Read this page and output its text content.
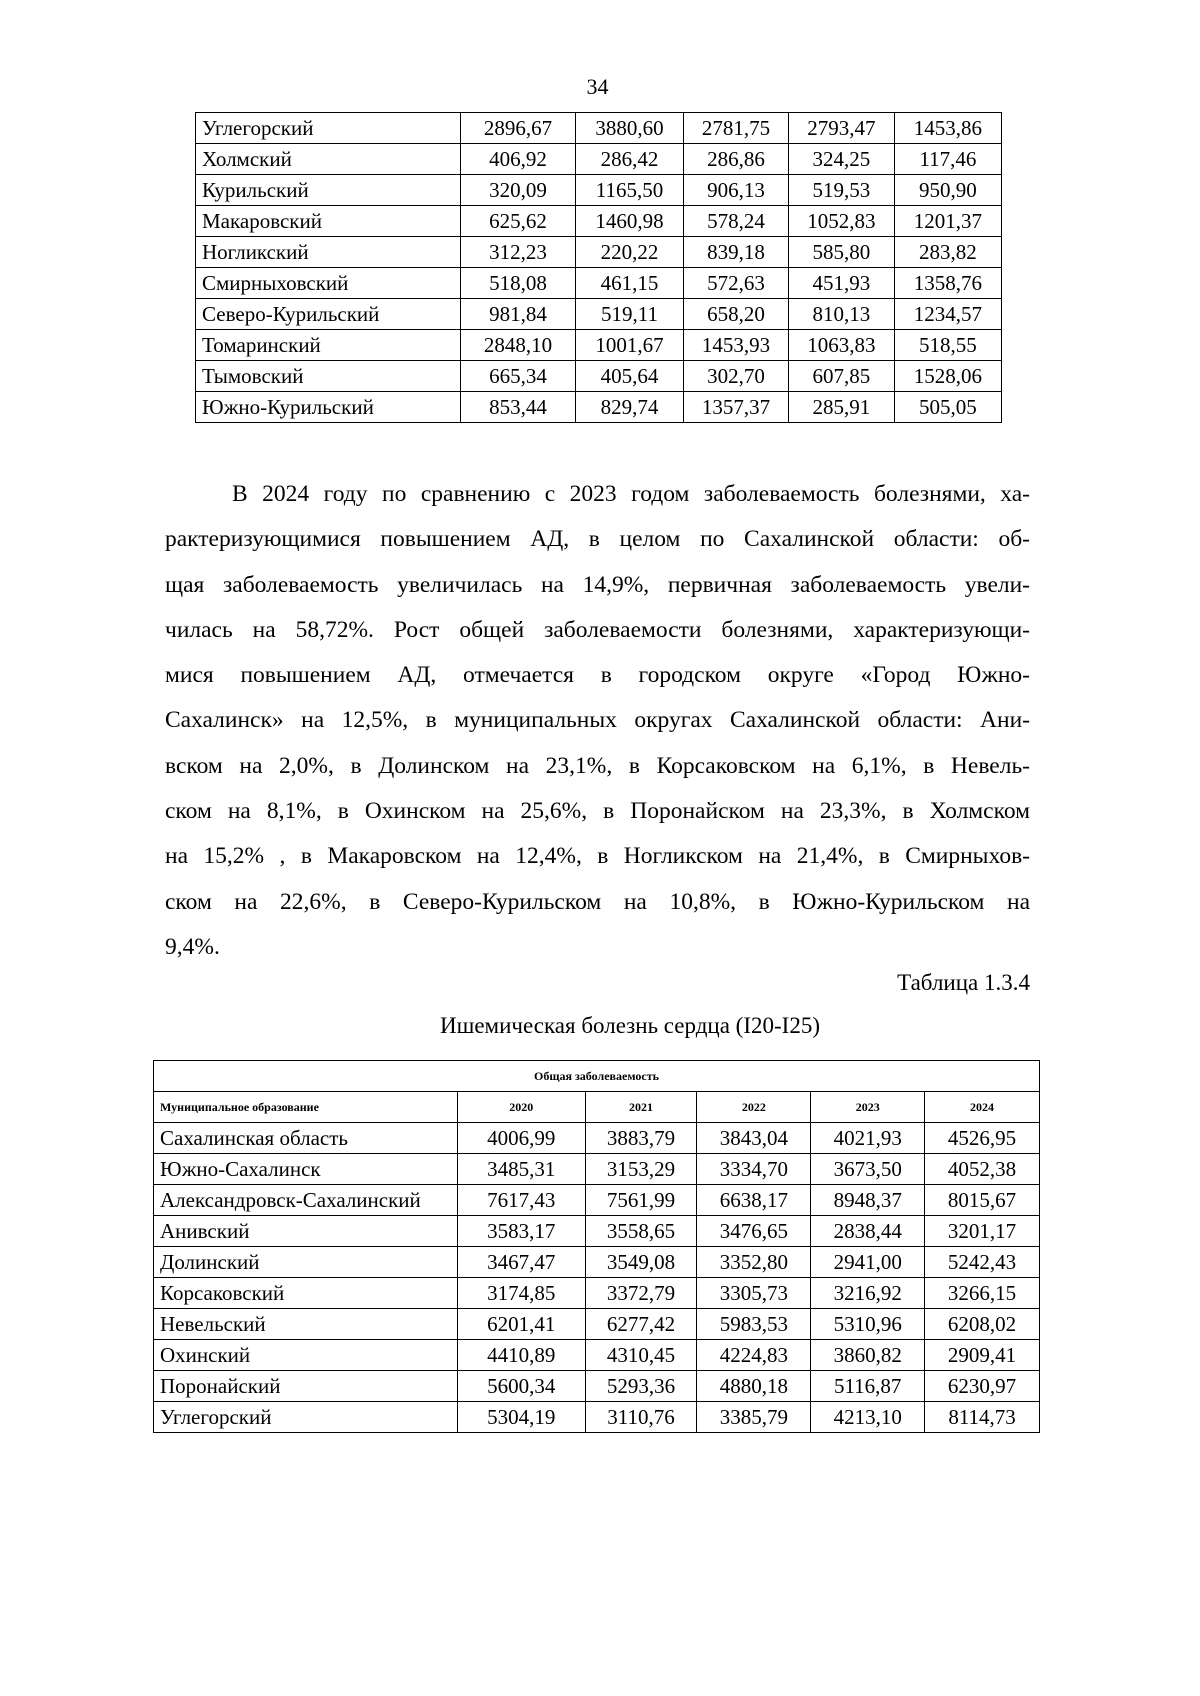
34
Углегорский	2896,67	3880,60	2781,75	2793,47	1453,86
Холмский	406,92	286,42	286,86	324,25	117,46
Курильский	320,09	1165,50	906,13	519,53	950,90
Макаровский	625,62	1460,98	578,24	1052,83	1201,37
Ногликский	312,23	220,22	839,18	585,80	283,82
Смирныховский	518,08	461,15	572,63	451,93	1358,76
Северо-Курильский	981,84	519,11	658,20	810,13	1234,57
Томаринский	2848,10	1001,67	1453,93	1063,83	518,55
Тымовский	665,34	405,64	302,70	607,85	1528,06
Южно-Курильский	853,44	829,74	1357,37	285,91	505,05
В 2024 году по сравнению с 2023 годом заболеваемость болезнями, ха-
рактеризующимися повышением АД, в целом по Сахалинской области: об-
щая заболеваемость увеличилась на 14,9%, первичная заболеваемость увели-
чилась на 58,72%. Рост общей заболеваемости болезнями, характеризующи-
мися повышением АД, отмечается в городском округе «Город Южно-
Сахалинск» на 12,5%, в муниципальных округах Сахалинской области: Ани-
вском на 2,0%, в Долинском на 23,1%, в Корсаковском на 6,1%, в Невель-
ском на 8,1%, в Охинском на 25,6%, в Поронайском на 23,3%, в Холмском
на 15,2% , в Макаровском на 12,4%, в Ногликском на 21,4%, в Смирныхов-
ском на 22,6%, в Северо-Курильском на 10,8%, в Южно-Курильском на
9,4%.
Таблица 1.3.4
Ишемическая болезнь сердца (I20-I25)
Общая заболеваемость					
Муниципальное образование	2020	2021	2022	2023	2024
Сахалинская область	4006,99	3883,79	3843,04	4021,93	4526,95
Южно-Сахалинск	3485,31	3153,29	3334,70	3673,50	4052,38
Александровск-Сахалинский	7617,43	7561,99	6638,17	8948,37	8015,67
Анивский	3583,17	3558,65	3476,65	2838,44	3201,17
Долинский	3467,47	3549,08	3352,80	2941,00	5242,43
Корсаковский	3174,85	3372,79	3305,73	3216,92	3266,15
Невельский	6201,41	6277,42	5983,53	5310,96	6208,02
Охинский	4410,89	4310,45	4224,83	3860,82	2909,41
Поронайский	5600,34	5293,36	4880,18	5116,87	6230,97
Углегорский	5304,19	3110,76	3385,79	4213,10	8114,73
